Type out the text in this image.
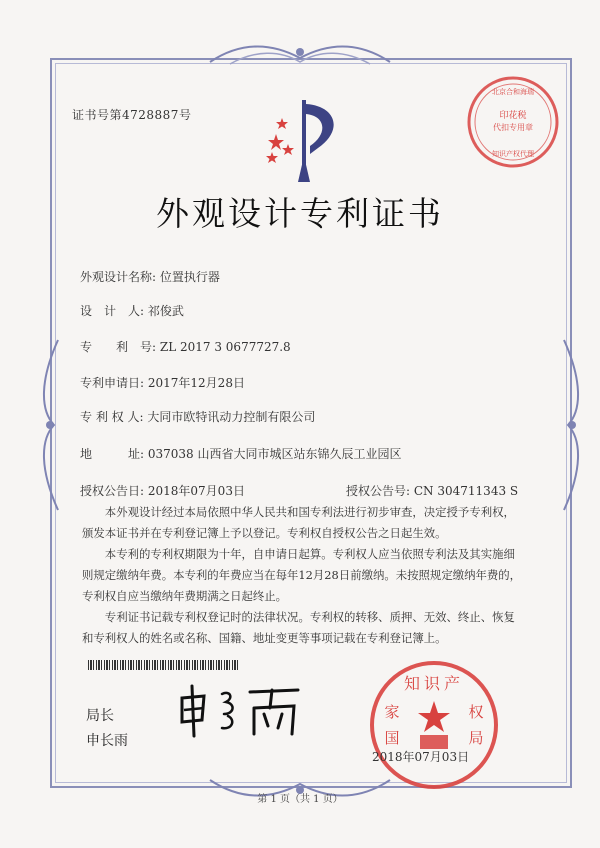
证书号第4728887号	印花税
代扣专用章
北京合和海瑞
知识产权代理
外观设计专利证书
外观设计名称: 位置执行器
设　计　人: 祁俊武
专　　利　号: ZL 2017 3 0677727.8
专利申请日: 2017年12月28日
专 利 权 人: 大同市欧特讯动力控制有限公司
地　　　址: 037038 山西省大同市城区站东锦久辰工业园区
授权公告日: 2018年07月03日	授权公告号: CN 304711343 S

本外观设计经过本局依照中华人民共和国专利法进行初步审查，决定授予专利权，颁发本证书并在专利登记簿上予以登记。专利权自授权公告之日起生效。

本专利的专利权期限为十年，自申请日起算。专利权人应当依照专利法及其实施细则规定缴纳年费。本专利的年费应当在每年12月28日前缴纳。未按照规定缴纳年费的，专利权自应当缴纳年费期满之日起终止。

专利证书记载专利权登记时的法律状况。专利权的转移、质押、无效、终止、恢复和专利权人的姓名或名称、国籍、地址变更等事项记载在专利登记簿上。

局长
申长雨
知识产
家	权
国	局
2018年07月03日
第 1 页（共 1 页）
